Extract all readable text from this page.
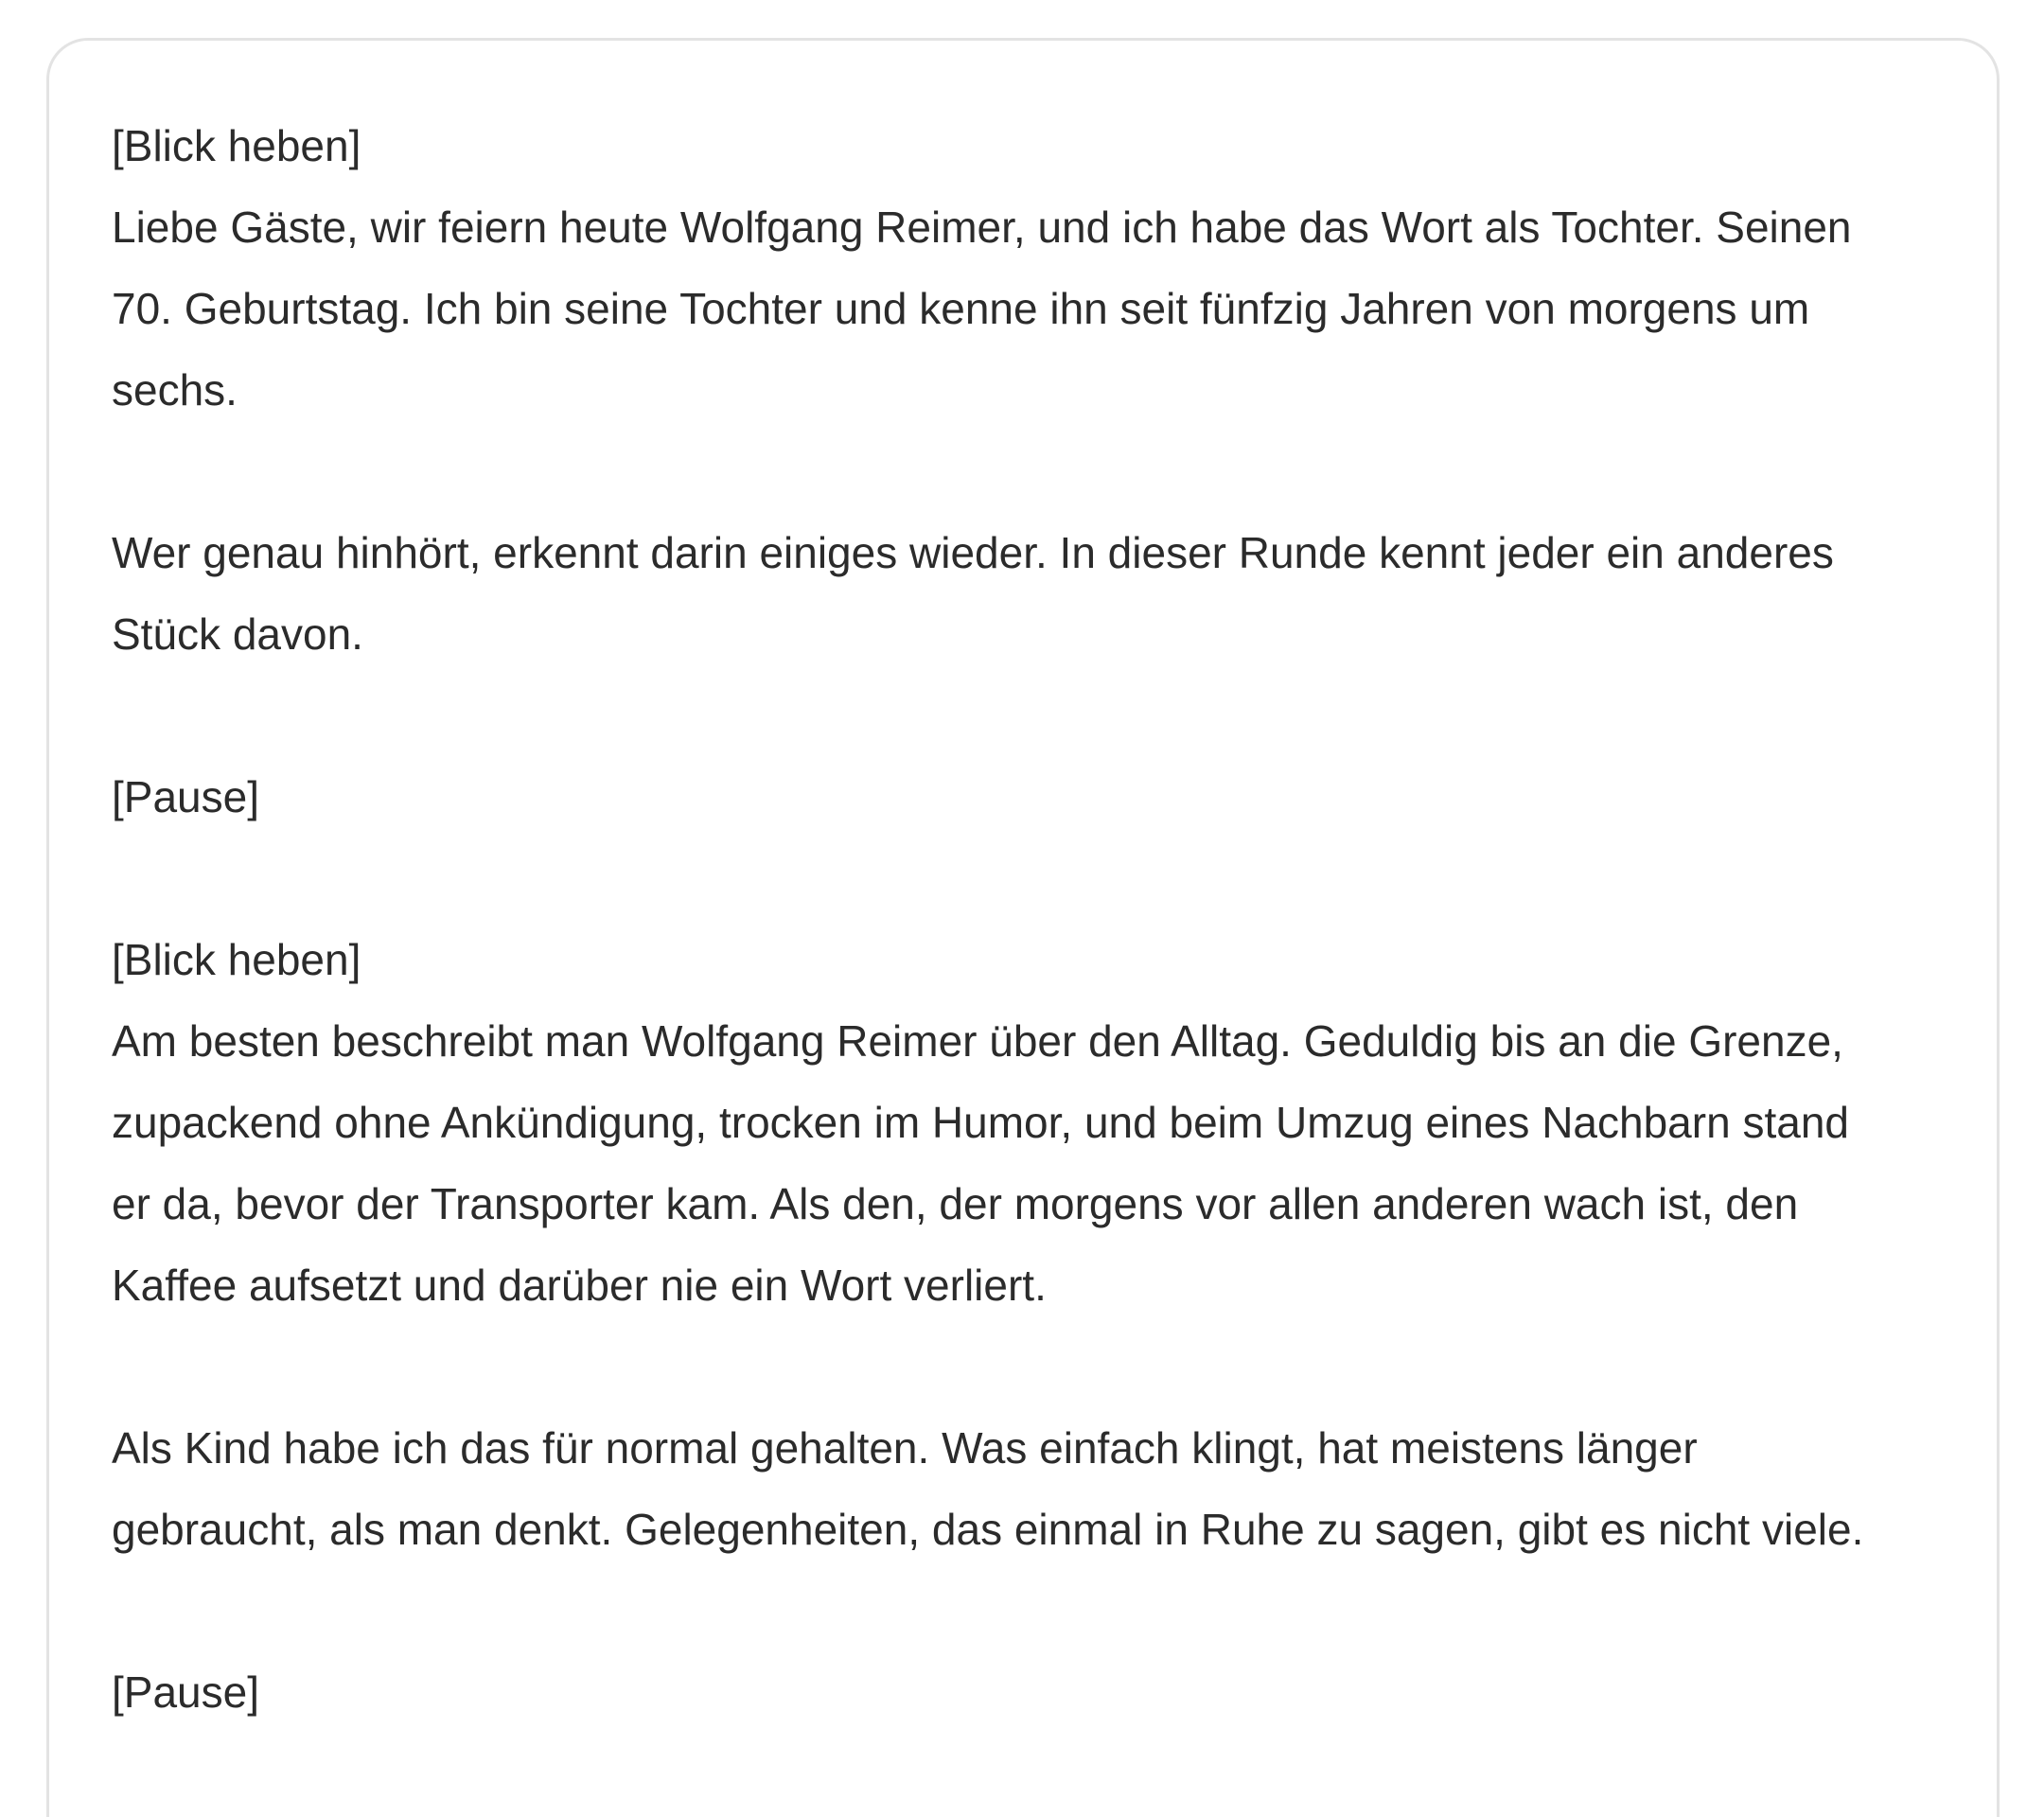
[Blick heben]
Liebe Gäste, wir feiern heute Wolfgang Reimer, und ich habe das Wort als Tochter. Seinen
70. Geburtstag. Ich bin seine Tochter und kenne ihn seit fünfzig Jahren von morgens um
sechs.
Wer genau hinhört, erkennt darin einiges wieder. In dieser Runde kennt jeder ein anderes
Stück davon.
[Pause]
[Blick heben]
Am besten beschreibt man Wolfgang Reimer über den Alltag. Geduldig bis an die Grenze,
zupackend ohne Ankündigung, trocken im Humor, und beim Umzug eines Nachbarn stand
er da, bevor der Transporter kam. Als den, der morgens vor allen anderen wach ist, den
Kaffee aufsetzt und darüber nie ein Wort verliert.
Als Kind habe ich das für normal gehalten. Was einfach klingt, hat meistens länger
gebraucht, als man denkt. Gelegenheiten, das einmal in Ruhe zu sagen, gibt es nicht viele.
[Pause]
